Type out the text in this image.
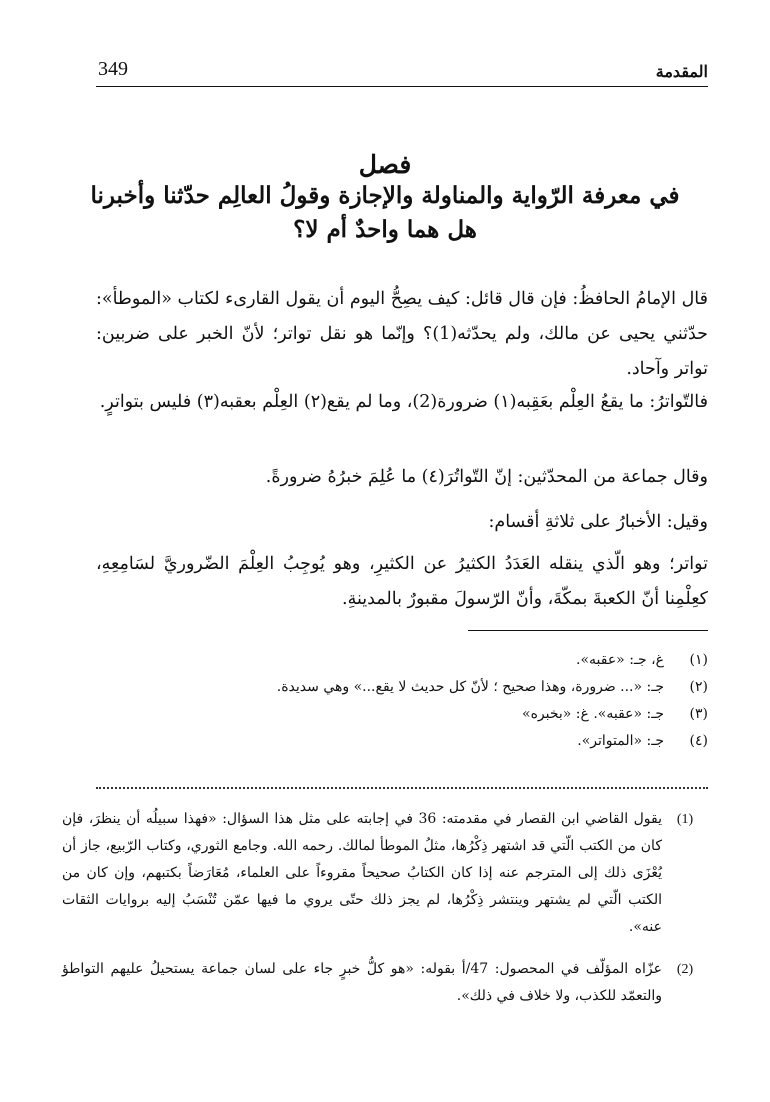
349	المقدمة
فصل
في معرفة الرّواية والمناولة والإجازة وقولُ العالِم حدّثنا وأخبرنا
هل هما واحدٌ أم لا؟

قال الإمامُ الحافظُ: فإن قال قائل: كيف يصِحُّ اليوم أن يقول القارىء لكتاب «الموطأ»: حدّثني يحيى عن مالك، ولم يحدّثه(1)؟ وإنّما هو نقل تواتر؛ لأنّ الخبر على ضربين: تواتر وآحاد.

فالتّواترُ: ما يقعُ العِلْم بعَقِبه(١) ضرورة(2)، وما لم يقع(٢) العِلْم بعقبه(٣) فليس بتواترٍ.

وقال جماعة من المحدّثين: إنّ التّواتُرَ(٤) ما عُلِمَ خبرُهُ ضرورةً.

وقيل: الأخبارُ على ثلاثةِ أقسام:

تواتر؛ وهو الّذي ينقله العَدَدُ الكثيرُ عن الكثيرِ، وهو يُوجِبُ العِلْمَ الضّروريَّ لسَامِعِهِ، كعِلْمِنا أنّ الكعبةَ بمكّةَ، وأنّ الرّسولَ مقبورٌ بالمدينةِ.

(١)
غ، جـ: «عقبه».
(٢)
جـ: «... ضرورة، وهذا صحيح ؛ لأنّ كل حديث لا يقع...» وهي سديدة.
(٣)
جـ: «عقبه». غ: «بخبره»
(٤)
جـ: «المتواتر».
(1)
يقول القاضي ابن القصار في مقدمته: 36 في إجابته على مثل هذا السؤال: «فهذا سبيلُه أن ينظرَ، فإن كان من الكتب الّتي قد اشتهر ذِكْرُها، مثلُ الموطأ لمالك. رحمه الله. وجامع الثوري، وكتاب الرّبيع، جاز أن يُعْزَى ذلك إلى المترجم عنه إذا كان الكتابُ صحيحاً مقروءاً على العلماء، مُعَارَضاً بكتبهم، وإن كان من الكتب الّتي لم يشتهر وينتشر ذِكْرُها، لم يجز ذلك حتّى يروي ما فيها عمّن تُنْسَبُ إليه بروايات الثقات عنه».
(2)
عزّاه المؤلّف في المحصول: 47/أ بقوله: «هو كلُّ خبرٍ جاء على لسان جماعة يستحيلُ عليهم التواطؤ والتعمّد للكذب، ولا خلاف في ذلك».
